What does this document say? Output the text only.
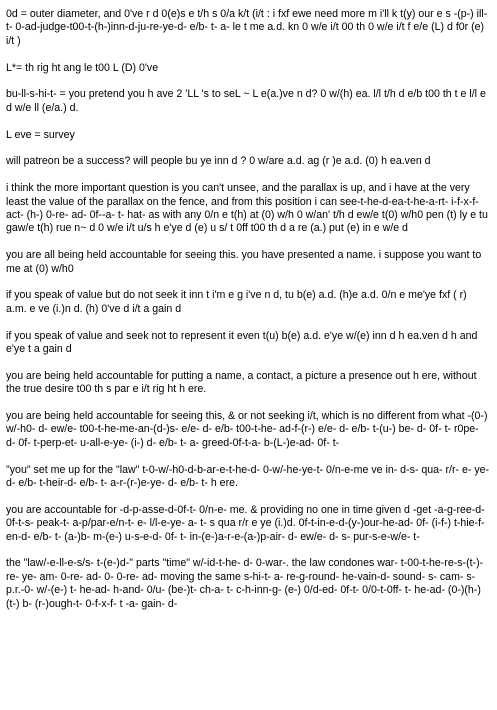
0d = outer diameter, and 0've r d 0(e)s e t/h s 0/a k/t (i/t : i fxf ewe need more m i'll k t(y) our e s -(p-) ill- t- 0-ad-judge-t00-t-(h-)inn-d-ju-re-ye-d- e/b- t- a- le t me a.d. kn 0 w/e i/t 00 th 0 w/e i/t f e/e (L) d f0r (e) i/t )

L*= th rig ht ang le t00 L (D) 0've

bu-ll-s-hi-t- = you pretend you h ave 2 'LL 's to seL ~ L e(a.)ve n d? 0 w/(h) ea. l/l t/h d e/b t00 th t e l/l e d w/e ll (e/a.) d.

L eve = survey

will patreon be a success? will people bu ye inn d ? 0 w/are a.d. ag (r )e a.d. (0) h ea.ven d

i think the more important question is you can't unsee, and the parallax is up, and i have at the very least the value of the parallax on the fence, and from this position i can see-t-he-d-ea-t-he-a-rt- i-f-x-f- act- (h-) 0-re- ad- 0f--a- t- hat- as with any 0/n e t(h) at (0) w/h 0 w/an' t/h d ew/e t(0) w/h0 pen (t) ly e tu gaw/e t(h) rue n~ d 0 w/e i/t u/s h e'ye d (e) u s/ t 0ff t00 th d a re (a.) put (e) in e w/e d

you are all being held accountable for seeing this. you have presented a name. i suppose you want to me at (0) w/h0

if you speak of value but do not seek it inn t i'm e g i've n d, tu b(e) a.d. (h)e a.d. 0/n e me'ye fxf ( r) a.m. e ve (i.)n d. (h) 0've d i/t a gain d

if you speak of value and seek not to represent it even t(u) b(e) a.d. e'ye w/(e) inn d h ea.ven d h and e'ye t a gain d

you are being held accountable for putting a name, a contact, a picture a presence out h ere, without the true desire t00 th s par e i/t rig ht h ere.

you are being held accountable for seeing this, & or not seeking i/t, which is no different from what -(0-) w/-h0- d- ew/e- t00-t-he-me-an-(d-)s- e/e- d- e/b- t00-t-he- ad-f-(r-) e/e- d- e/b- t-(u-) be- d- 0f- t- r0pe- d- 0f- t-perp-et- u-all-e-ye- (i-) d- e/b- t- a- greed-0f-t-a- b-(L-)e-ad- 0f- t-

"you" set me up for the "law" t-0-w/-h0-d-b-ar-e-t-he-d- 0-w/-he-ye-t- 0/n-e-me ve in- d-s- qua- r/r- e- ye- d- e/b- t-heir-d- e/b- t- a-r-(r-)e-ye- d- e/b- t- h ere.

you are accountable for -d-p-asse-d-0f-t- 0/n-e- me. & providing no one in time given d -get -a-g-ree-d- 0f-t-s- peak-t- a-p/par-e/n-t- e- l/l-e-ye- a- t- s qua r/r e ye (i.)d. 0f-t-in-e-d-(y-)our-he-ad- 0f- (i-f-) t-hie-f-en-d- e/b- t- (a-)b- m-(e-) u-s-e-d- 0f- t- in-(e-)a-r-e-(a-)p-air- d- ew/e- d- s- pur-s-e-w/e- t-

the "law/-e-ll-e-s/s- t-(e-)d-" parts "time" w/-id-t-he- d- 0-war-. the law condones war- t-00-t-he-re-s-(t-)-re- ye- am- 0-re- ad- 0- 0-re- ad- moving the same s-hi-t- a- re-g-round- he-vain-d- sound- s- cam- s- p.r.-0- w/-(e-) t- he-ad- h-and- 0/u- (be-)t- ch-a- t- c-h-inn-g- (e-) 0/d-ed- 0f-t- 0/0-t-0ff- t- he-ad- (0-)(h-)(t-) b- (r-)ough-t- 0-f-x-f- t -a- gain- d-
